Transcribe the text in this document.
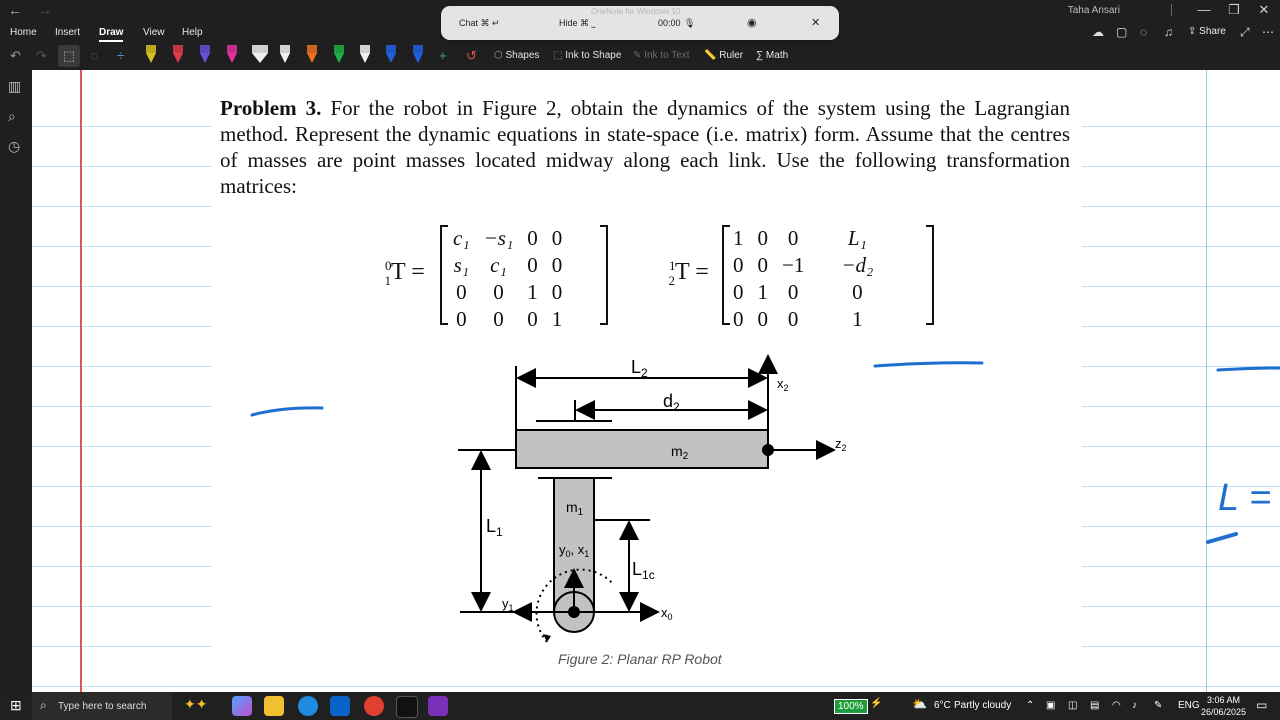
← →	Taha Ansari	—	❐	✕
Home Insert Draw View Help	☁ ▢ ◌ ♫	⤢ ⋯
⇪ Share
↶ ↷	⬚	◌ ÷	+ ↺ ⬡ Shapes ⬚ Ink to Shape ✎ Ink to Text 📏 Ruler ∑ Math
OneNote for Windows 10
Chat ⌘ ↵	Hide ⌘ ⎵	00:00 🎙	◉	✕
▥
⌕
◷
Problem 3. For the robot in Figure 2, obtain the dynamics of the system using the Lagrangian method. Represent the dynamic equations in state-space (i.e. matrix) form. Assume that the centres of masses are point masses located midway along each link. Use the following transformation matrices:
$^0_1$T =
c₁	−s₁	0	0
s₁	c₁	0	0
0	0	1	0
0	0	0	1
$^1_2$T =
1	0	0	L₁
0	0	−1	−d₂
0	1	0	0
0	0	0	1
$L_2$
$d_2$
$x_2$
$z_2$
$m_2$
$m_1$
$y_0$, $x_1$
$L_1$
$L_{1c}$
$y_1$	$x_0$
Figure 2: Planar RP Robot
L =
⊞ ⌕ Type here to search	✦✦	100% ⚡ ⛅ 6°C Partly cloudy ⌃ ▣ ◫ ▤ ◠ ♪ ✎ ENG 3:06 AM
26/06/2025 ▭
